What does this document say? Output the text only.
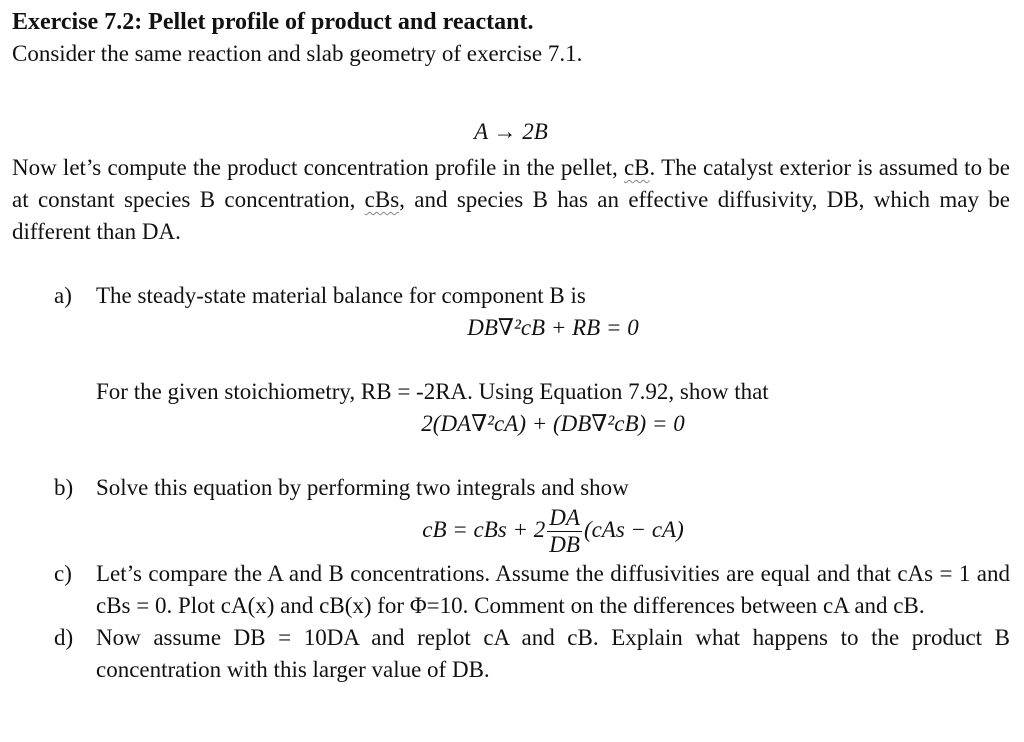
Exercise 7.2: Pellet profile of product and reactant.

Consider the same reaction and slab geometry of exercise 7.1.

A → 2B

Now let’s compute the product concentration profile in the pellet, cB. The catalyst exterior is assumed to be at constant species B concentration, cBs, and species B has an effective diffusivity, DB, which may be different than DA.

a) The steady-state material balance for component B is

DB∇²cB + RB = 0

For the given stoichiometry, RB = -2RA. Using Equation 7.92, show that

2(DA∇²cA) + (DB∇²cB) = 0
b) Solve this equation by performing two integrals and show

cB = cBs + $2 \frac{DA}{DB} (cAs - cA)$
c) Let’s compare the A and B concentrations. Assume the diffusivities are equal and that cAs = 1 and cBs = 0. Plot cA(x) and cB(x) for Φ=10. Comment on the differences between cA and cB.

d) Now assume DB = 10DA and replot cA and cB. Explain what happens to the product B concentration with this larger value of DB.
